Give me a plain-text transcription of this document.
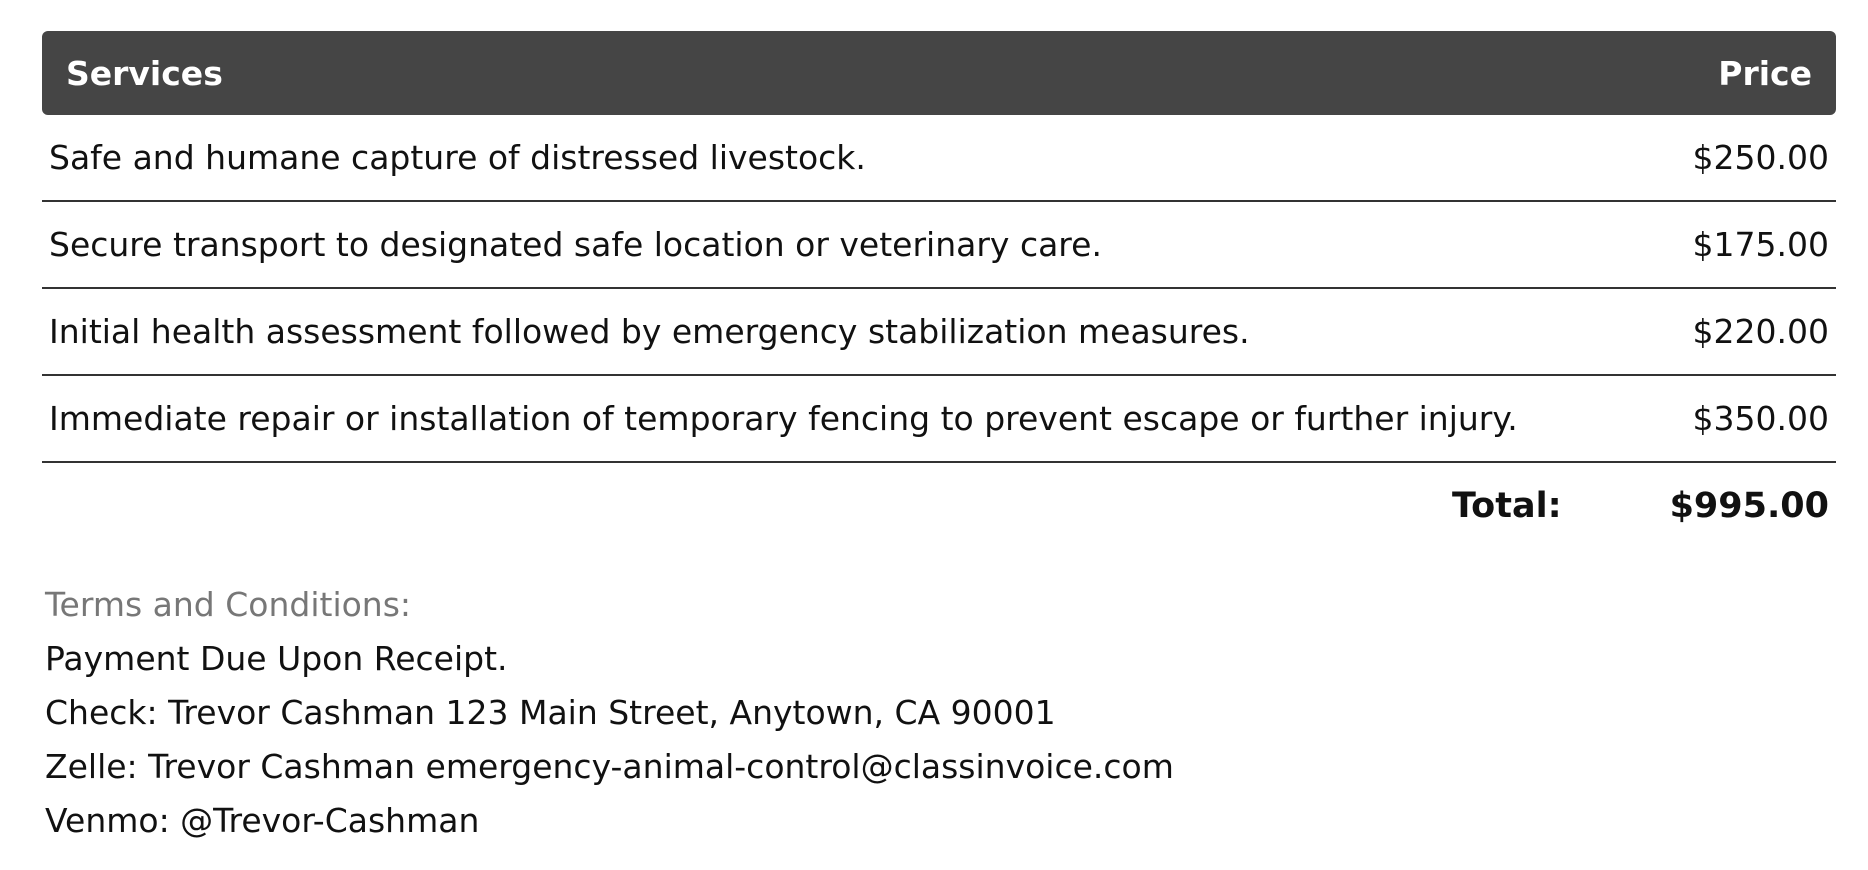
Services	Price
Safe and humane capture of distressed livestock.	$250.00
Secure transport to designated safe location or veterinary care.	$175.00
Initial health assessment followed by emergency stabilization measures.	$220.00
Immediate repair or installation of temporary fencing to prevent escape or further injury.	$350.00
Total:	$995.00
Terms and Conditions:
Payment Due Upon Receipt.
Check: Trevor Cashman 123 Main Street, Anytown, CA 90001
Zelle: Trevor Cashman emergency-animal-control@classinvoice.com
Venmo: @Trevor-Cashman
